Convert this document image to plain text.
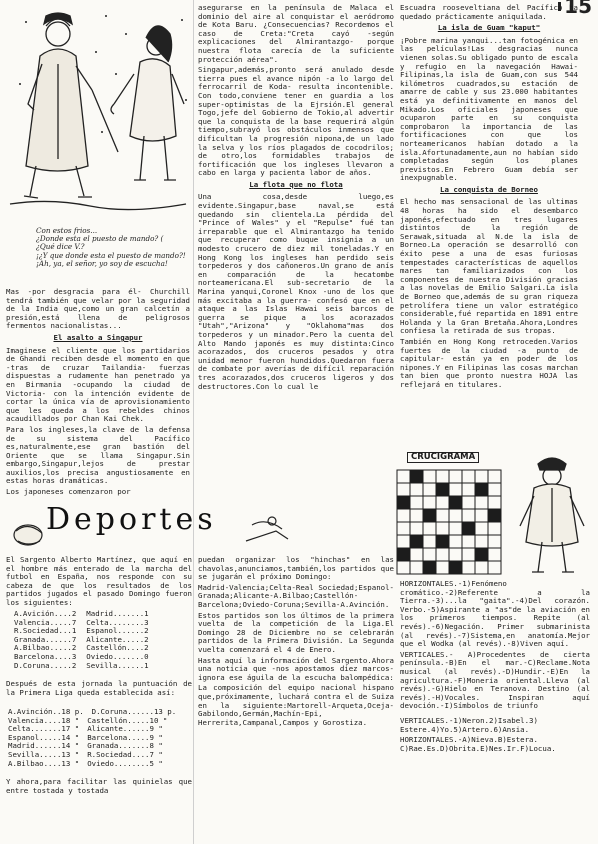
15
Con estos frios...
¿Donde esta el puesto de mando? (
¿Qué dice V.?
¡¿Y que donde esta el puesto de mando?!
¡Ah, ya, el señor, yo soy de escucha!

Mas -por desgracia para él- Churchill tendrá también que velar por la seguridad de la India que,como un gran calcetín a presión,está llena de peligrosos fermentos nacionalistas...

El asalto a Singapur

Imaginese el cliente que los partidarios de Ghandi reciben desde el momento en que -tras de cruzar Tailandia- fuerzas dispuestas a rudamente han penetrado ya en Birmania -ocupando la ciudad de Victoria- con la intención evidente de cortar la única vía de aprovisionamiento que les queda a los rebeldes chinos acaudillados por Chan Kai Chek.

Para los ingleses,la clave de la defensa de su sistema del Pacífico es,naturalmente,ese gran bastión del Oriente que se llama Singapur.Sin embargo,Singapur,lejos de prestar auxilios,los precisa angustiosamente en estas horas dramáticas.

Los japoneses comenzaron por

asegurarse en la península de Malaca el dominio del aire al conquistar el aeródromo de Kota Baru. ¿Consecuencias? Recordemos el caso de Creta:"Creta cayó -según explicaciones del Almirantazgo- porque nuestra flota carecía de la suficiente protección aérea".

Singapur,además,pronto será anulado desde tierra pues el avance nipón -a lo largo del ferrocarril de Koda- resulta incontenible. Con todo,conviene tener en guardia a los super-optimistas de la Ejrsión.El general Togo,jefe del Gobierno de Tokio,al advertir que la conquista de la base requerirá algún tiempo,subrayó los obstáculos inmensos que dificultan la progresión nipona,de un lado la selva y los ríos plagados de cocodrilos; de otro,los formidables trabajos de fortificación que los ingleses llevaron a cabo en larga y pacienta labor de años.

La flota que no flota

Una cosa,desde luego,es evidente.Singapur,base naval,se está quedando sin clientela.La pérdida del "Prince of Wales" y el "Repulse" fué tan irreparable que el Almirantazgo ha tenido que recuperar como buque insignia a un modesto crucero de diez mil toneladas.Y en Hong Kong los ingleses han perdido seis torpederos y dos cañoneros.Un grano de anís en comparación de la hecatombe norteamericana.El sub-secretario de la Marina yanqui,Coronel Knox -uno de los que más excitaba a la guerra- confesó que en el ataque a las Islas Hawai seis barcos de guerra se pique a los acorazados "Utah","Arizona" y "Oklahoma"mas dos torpederos y un minador.Pero la cuenta del Alto Mando japonés es muy distinta:Cinco acorazados, dos cruceros pesados y otra unidad menor fueron hundidos.Quedaron fuera de combate por averías de difícil reparación tres acorazados,dos cruceros ligeros y dos destructores.Con lo cual le

Escuadra rooseveltiana del Pacífico ha quedado prácticamente aniquilada.

La isla de Guam "kaput"

¡Pobre marina yanqui...tan fotogénica en las películas!Las desgracias nunca vienen solas.Su obligado punto de escala y refugio en la navegación Hawai-Filipinas,la isla de Guam,con sus 544 kilómetros cuadrados,su estación de amarre de cable y sus 23.000 habitantes está ya definitivamente en manos del Mikado.Los oficiales japoneses que ocuparon parte en su conquista comprobaron la importancia de las fortificaciones con que los norteamericanos habían dotado a la isla.Afortunadamente,aun no habían sido completadas según los planes previstos.En Febrero Guam debía ser inexpugnable.

La conquista de Borneo

El hecho mas sensacional de las ultimas 48 horas ha sido el desembarco japonés,efectuado en tres lugares distintos de la región de Serawak,situada al N.de la isla de Borneo.La operación se desarrolló con éxito pese a una de esas furiosas tempestades características de aquellos mares tan familiarizados con los componentes de nuestra División gracias a las novelas de Emilio Salgari.La isla de Borneo que,además de su gran riqueza petrolífera tiene un valor estratégico considerable,fué repartida en 1891 entre Holanda y la Gran Bretaña.Ahora,Londres confiesa la retirada de sus tropas.

También en Hong Kong retroceden.Varios fuertes de la ciudad -a punto de capitular- están ya en poder de los nipones.Y en Filipinas las cosas marchan tan bien que pronto nuestra HOJA las reflejará en titulares.

Deportes

El Sargento Alberto Martínez, que aquí en el hombre más enterado de la marcha del futbol en España, nos responde con su cabeza de que los resultados de los partidos jugados el pasado Domingo fueron los siguientes:

A.Avición....2 Madrid.......1
Valencia.....7 Celta........3
R.Sociedad...1 Espanol......2
Granada......7 Alicante.....2
A.Bilbao.....2 Castellón....2
Barcelona....3 Oviedo.......0
D.Coruna.....2 Sevilla......1

Después de esta jornada la puntuación de la Primera Liga queda establecida así:

A.Avinción..18 p. D.Coruna......13 p.
Valencia....18 " Castellón.....10 "
Celta.......17 " Alicante......9 "
Espanol.....14 " Barcelona.....9 "
Madrid......14 " Granada.......8 "
Sevilla.....13 " R.Sociedad....7 "
A.Bilbao....13 " Oviedo........5 "

Y ahora,para facilitar las quinielas que entre tostada y tostada

puedan organizar los "hinchas" en las chavolas,anunciamos,también,los partidos que se jugarán el próximo Domingo:

Madrid-Valencia;Celta-Real Sociedad;Espanol-Granada;Alicante-A.Bilbao;Castellón-Barcelona;Oviedo-Coruna;Sevilla-A.Avinción.

Estos partidos son los últimos de la primera vuelta de la competición de la Liga.El Domingo 28 de Diciembre no se celebrarán partidos de la Primera División. La Segunda vuelta comenzará el 4 de Enero.

Hasta aquí la información del Sargento.Ahora una noticia que -nos apostamos diez marcos- ignora ese águila de la escucha balompédica:

La composición del equipo nacional hispano que,próximamente, luchará contra el de Suiza en la siguiente:Martorell-Arqueta,Oceja-Gabilondo,Germán,Machín-Epi, Herrerita,Campanal,Campos y Gorostiza.

CRUCIGRAMA

HORIZONTALES.-1)Fenómeno cromático.-2)Referente a la Tierra.-3)...la "gaita".-4)Del corazón. Verbo.-5)Aspirante a "as"de la aviación en los primeros tiempos. Repite (al revés).-6)Negación. Primer submarinista (al revés).-7)Sistema,en anatomía.Mejor que el Wodka (al revés).-8)Viven aquí.

VERTICALES.- A)Procedentes de cierta península.-B)En el mar.-C)Reclame.Nota musical (al revés).-D)Hundir.-E)En la agricultura.-F)Moneria oriental.Lleva (al revés).-G)Hielo en Teranova. Destino (al revés).-H)Vocales. Inspiran aquí devoción.-I)Símbolos de triunfo

VERTICALES.-1)Neron.2)Isabel.3) Estere.4)Yo.5)Artero.6)Ansia.

HORIZONTALES.-A)Nieva.B)Estera. C)Rae.Es.D)Obrita.E)Nes.Ir.F)Locua.
